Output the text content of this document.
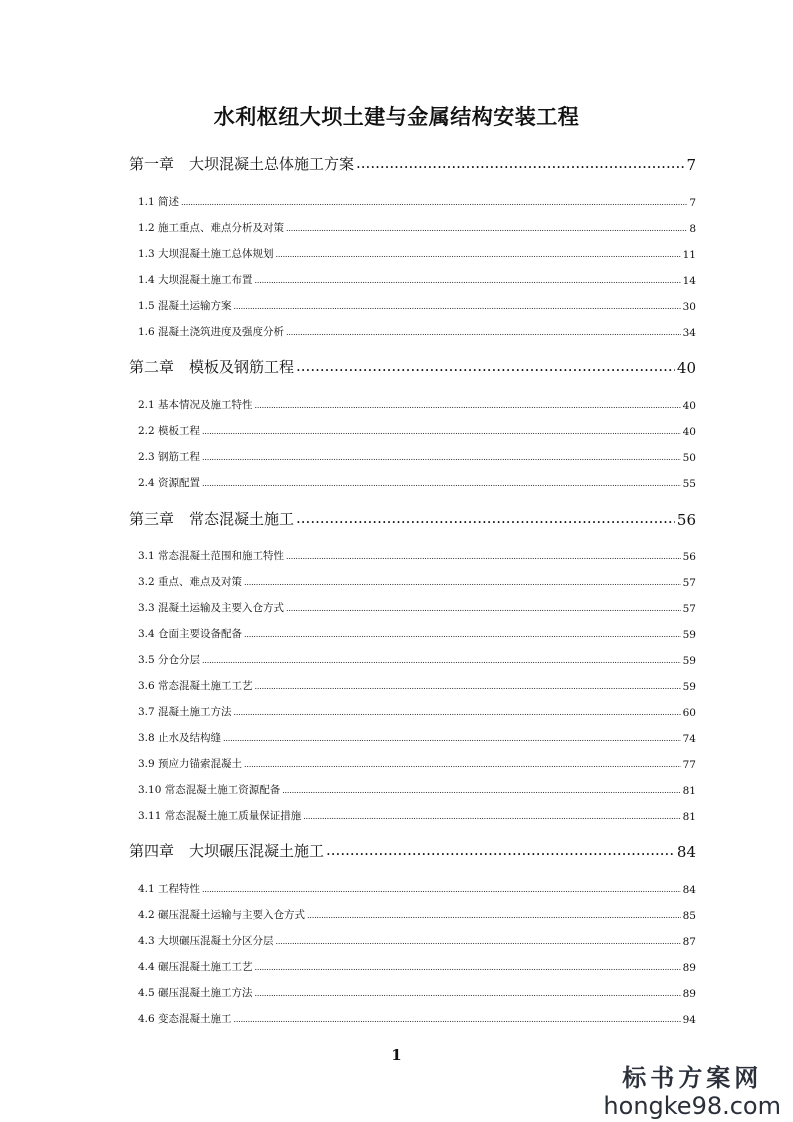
水利枢纽大坝土建与金属结构安装工程
第一章　大坝混凝土总体施工方案 .....	7
1.1 简述 .....	7
1.2 施工重点、难点分析及对策 .....	8
1.3 大坝混凝土施工总体规划 .....	11
1.4 大坝混凝土施工布置 .....	14
1.5 混凝土运输方案 .....	30
1.6 混凝土浇筑进度及强度分析 .....	34
第二章　模板及钢筋工程 .....	40
2.1 基本情况及施工特性 .....	40
2.2 模板工程 .....	40
2.3 钢筋工程 .....	50
2.4 资源配置 .....	55
第三章　常态混凝土施工 .....	56
3.1 常态混凝土范围和施工特性 .....	56
3.2 重点、难点及对策 .....	57
3.3 混凝土运输及主要入仓方式 .....	57
3.4 仓面主要设备配备 .....	59
3.5 分仓分层 .....	59
3.6 常态混凝土施工工艺 .....	59
3.7 混凝土施工方法 .....	60
3.8 止水及结构缝 .....	74
3.9 预应力锚索混凝土 .....	77
3.10 常态混凝土施工资源配备 .....	81
3.11 常态混凝土施工质量保证措施 .....	81
第四章　大坝碾压混凝土施工 .....	84
4.1 工程特性 .....	84
4.2 碾压混凝土运输与主要入仓方式 .....	85
4.3 大坝碾压混凝土分区分层 .....	87
4.4 碾压混凝土施工工艺 .....	89
4.5 碾压混凝土施工方法 .....	89
4.6 变态混凝土施工 .....	94
1
标书方案网
hongke98.com
